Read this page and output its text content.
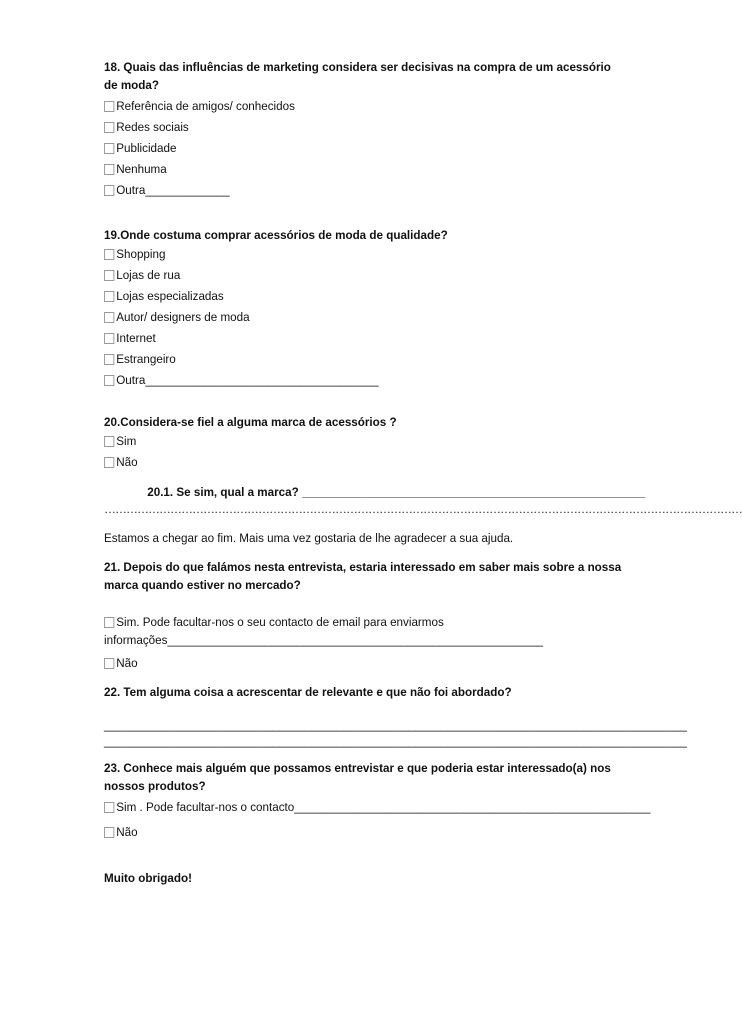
18. Quais das influências de marketing considera ser decisivas na compra de um acessório de moda?

Referência de amigos/ conhecidos
Redes sociais
Publicidade
Nenhuma
Outra_____________

19.Onde costuma comprar acessórios de moda de qualidade?

Shopping
Lojas de rua
Lojas especializadas
Autor/ designers de moda
Internet
Estrangeiro
Outra____________________________________

20.Considera-se fiel a alguma marca de acessórios ?

Sim
Não
20.1. Se sim, qual a marca? _____________________________________________________
…………………………………………………………………………………………………………………………………………………………
Estamos a chegar ao fim. Mais uma vez gostaria de lhe agradecer a sua ajuda.

21. Depois do que falámos nesta entrevista, estaria interessado em saber mais sobre a nossa marca quando estiver no mercado?

Sim. Pode facultar-nos o seu contacto de email para enviarmos
informações__________________________________________________________
Não

22. Tem alguma coisa a acrescentar de relevante e que não foi abordado?

__________________________________________________________________________________________
__________________________________________________________________________________________

23. Conhece mais alguém que possamos entrevistar e que poderia estar interessado(a) nos nossos produtos?

Sim . Pode facultar-nos o contacto_______________________________________________________
Não

Muito obrigado!
